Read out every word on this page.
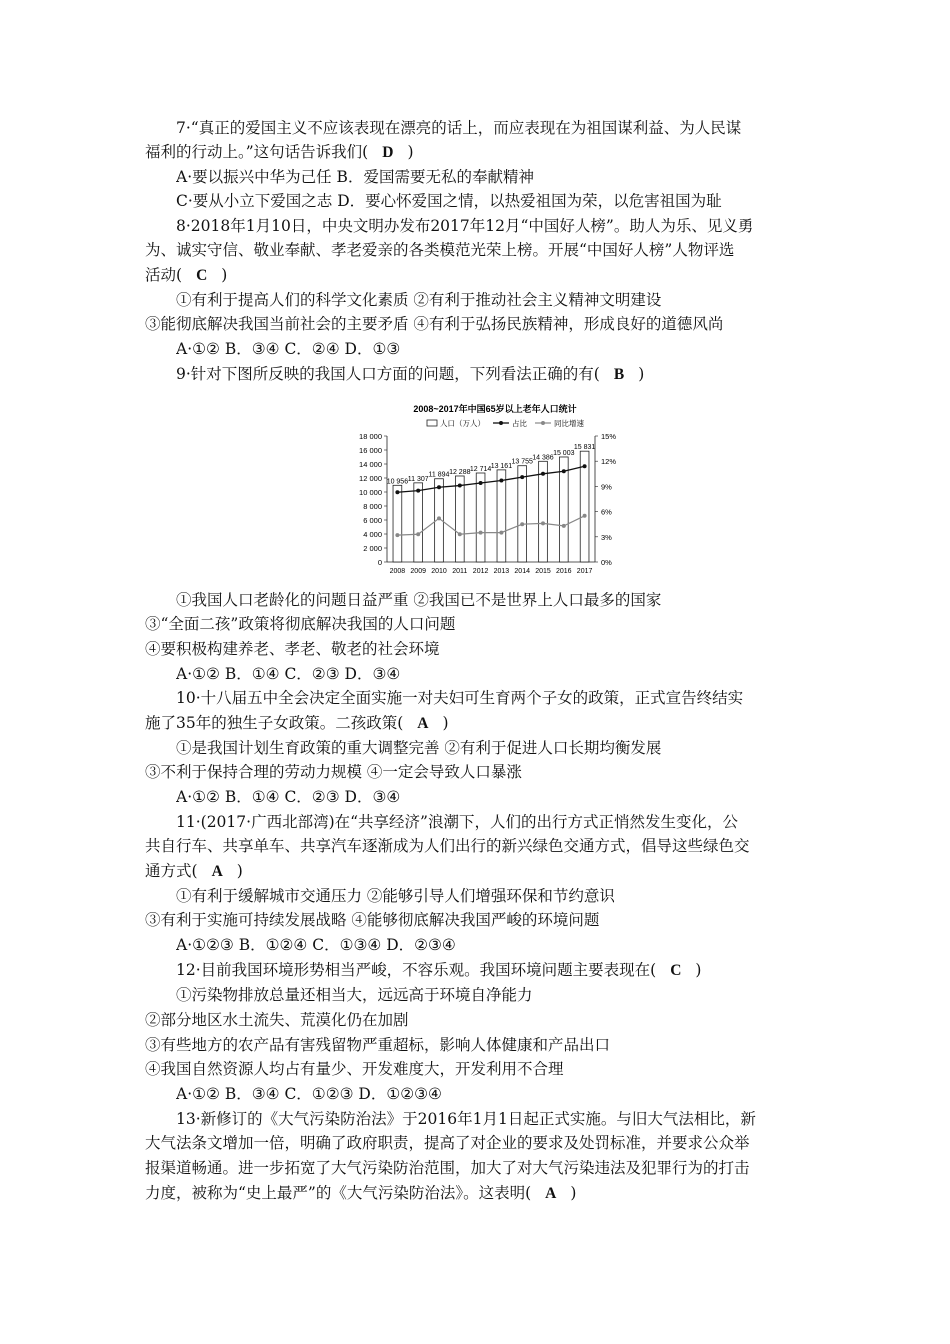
7·“真正的爱国主义不应该表现在漂亮的话上，而应表现在为祖国谋利益、为人民谋
福利的行动上。”这句话告诉我们( D )
A·要以振兴中华为己任 B．爱国需要无私的奉献精神
C·要从小立下爱国之志 D．要心怀爱国之情，以热爱祖国为荣，以危害祖国为耻
8·2018年1月10日，中央文明办发布2017年12月“中国好人榜”。助人为乐、见义勇
为、诚实守信、敬业奉献、孝老爱亲的各类模范光荣上榜。开展“中国好人榜”人物评选
活动( C )
①有利于提高人们的科学文化素质 ②有利于推动社会主义精神文明建设
③能彻底解决我国当前社会的主要矛盾 ④有利于弘扬民族精神，形成良好的道德风尚
A·①② B．③④ C．②④ D．①③
9·针对下图所反映的我国人口方面的问题，下列看法正确的有( B )
2008~2017年中国65岁以上老年人口统计
人口（万人）	占比	同比增速
0
2 000
4 000
6 000
8 000
10 000
12 000
14 000
16 000
18 000
0%
3%
6%
9%
12%
15%
2008 2009 2010 2011 2012 2013 2014 2015 2016 2017
10 956 11 307
11 894 12 288 12 714 13 161
13 755
14 386
15 003
15 831
①我国人口老龄化的问题日益严重 ②我国已不是世界上人口最多的国家
③“全面二孩”政策将彻底解决我国的人口问题
④要积极构建养老、孝老、敬老的社会环境
A·①② B．①④ C．②③ D．③④
10·十八届五中全会决定全面实施一对夫妇可生育两个子女的政策，正式宣告终结实
施了35年的独生子女政策。二孩政策( A )
①是我国计划生育政策的重大调整完善 ②有利于促进人口长期均衡发展
③不利于保持合理的劳动力规模 ④一定会导致人口暴涨
A·①② B．①④ C．②③ D．③④
11·(2017·广西北部湾)在“共享经济”浪潮下，人们的出行方式正悄然发生变化，公
共自行车、共享单车、共享汽车逐渐成为人们出行的新兴绿色交通方式，倡导这些绿色交
通方式( A )
①有利于缓解城市交通压力 ②能够引导人们增强环保和节约意识
③有利于实施可持续发展战略 ④能够彻底解决我国严峻的环境问题
A·①②③ B．①②④ C．①③④ D．②③④
12·目前我国环境形势相当严峻，不容乐观。我国环境问题主要表现在( C )
①污染物排放总量还相当大，远远高于环境自净能力
②部分地区水土流失、荒漠化仍在加剧
③有些地方的农产品有害残留物严重超标，影响人体健康和产品出口
④我国自然资源人均占有量少、开发难度大，开发利用不合理
A·①② B．③④ C．①②③ D．①②③④
13·新修订的《大气污染防治法》于2016年1月1日起正式实施。与旧大气法相比，新
大气法条文增加一倍，明确了政府职责，提高了对企业的要求及处罚标准，并要求公众举
报渠道畅通。进一步拓宽了大气污染防治范围，加大了对大气污染违法及犯罪行为的打击
力度，被称为“史上最严”的《大气污染防治法》。这表明( A )
